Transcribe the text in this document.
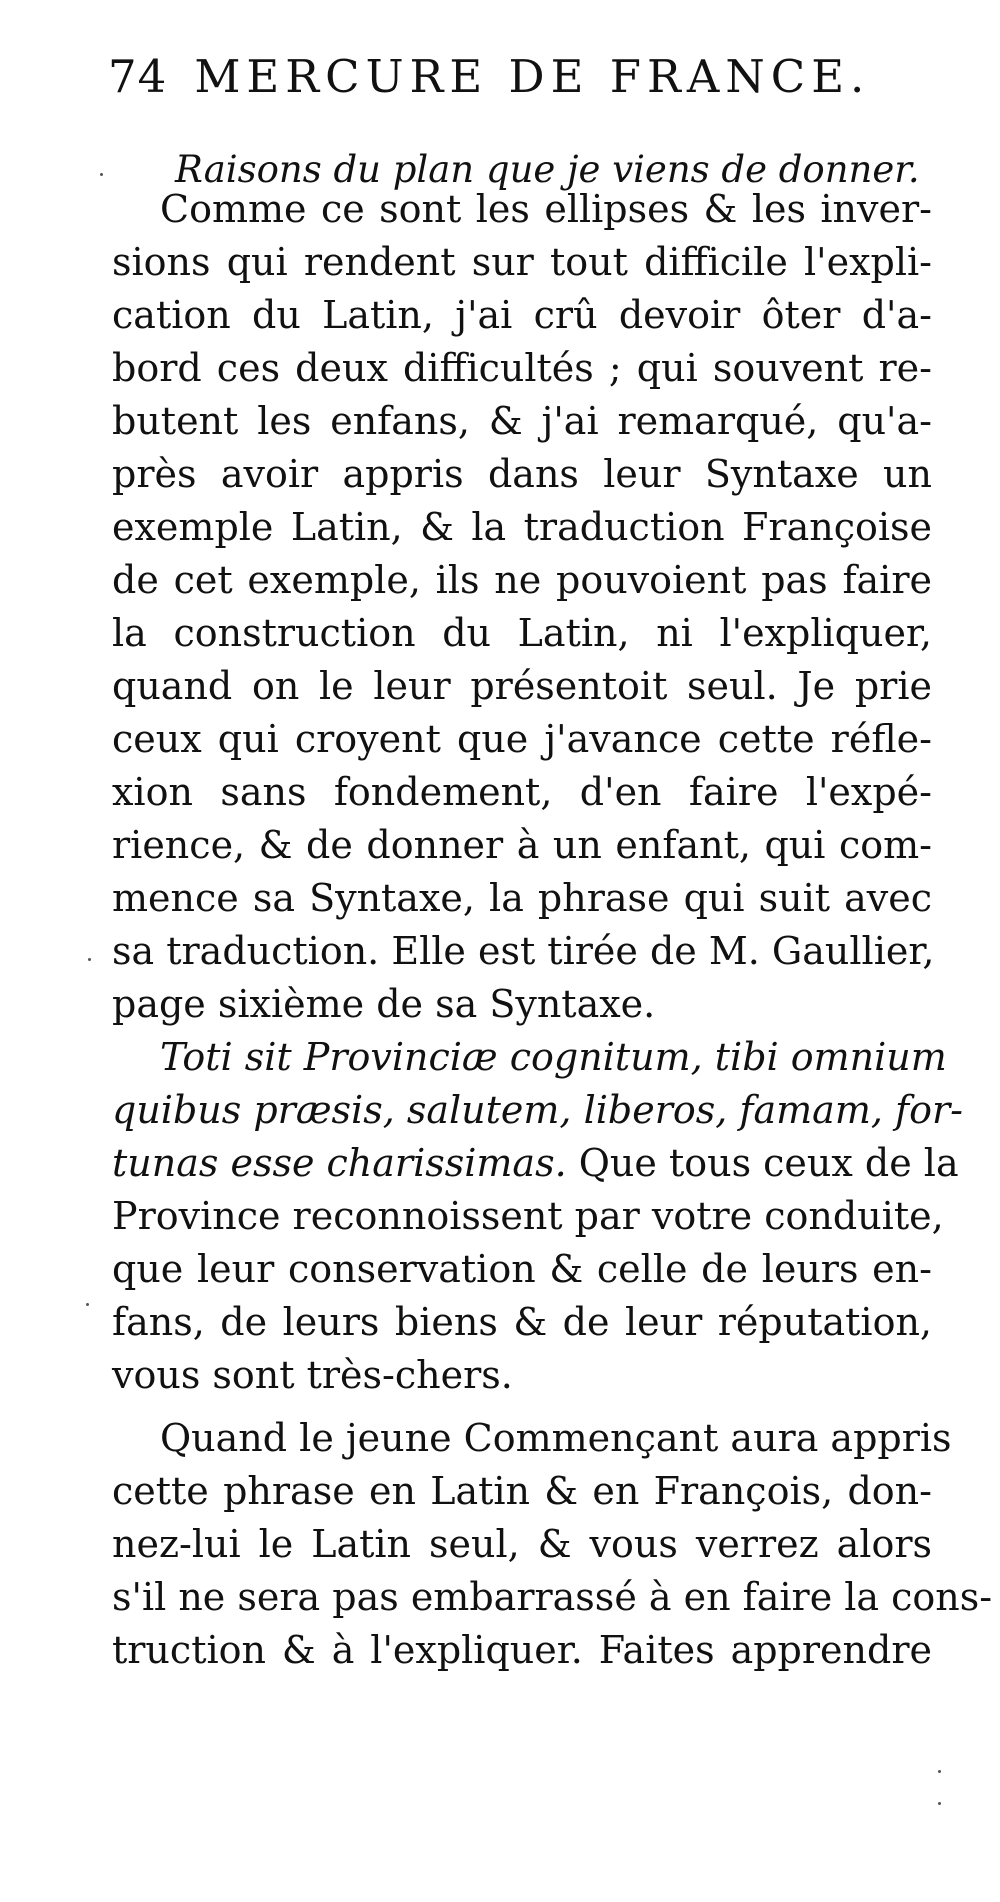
74 MERCURE DE FRANCE.
Raisons du plan que je viens de donner.
Comme ce sont les ellipses & les inver-
sions qui rendent sur tout difficile l'expli-
cation du Latin, j'ai crû devoir ôter d'a-
bord ces deux difficultés ; qui souvent re-
butent les enfans, & j'ai remarqué, qu'a-
près avoir appris dans leur Syntaxe un
exemple Latin, & la traduction Françoise
de cet exemple, ils ne pouvoient pas faire
la construction du Latin, ni l'expliquer,
quand on le leur présentoit seul. Je prie
ceux qui croyent que j'avance cette réfle-
xion sans fondement, d'en faire l'expé-
rience, & de donner à un enfant, qui com-
mence sa Syntaxe, la phrase qui suit avec
sa traduction. Elle est tirée de M. Gaullier,
page sixième de sa Syntaxe.
Toti sit Provinciæ cognitum, tibi omnium
quibus præsis, salutem, liberos, famam, for-
tunas esse charissimas. Que tous ceux de la
Province reconnoissent par votre conduite,
que leur conservation & celle de leurs en-
fans, de leurs biens & de leur réputation,
vous sont très-chers.
Quand le jeune Commençant aura appris
cette phrase en Latin & en François, don-
nez-lui le Latin seul, & vous verrez alors
s'il ne sera pas embarrassé à en faire la cons-
truction & à l'expliquer. Faites apprendre
